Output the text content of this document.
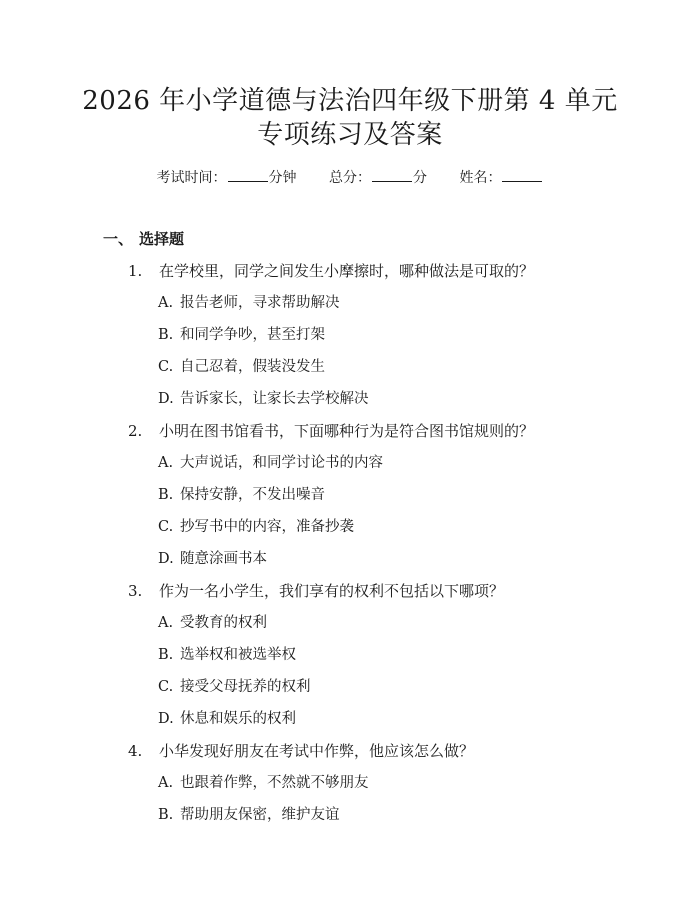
2026 年小学道德与法治四年级下册第 4 单元
专项练习及答案
考试时间：	分钟 总分：	分 姓名：
一、 选择题
1. 在学校里，同学之间发生小摩擦时，哪种做法是可取的？
A. 报告老师，寻求帮助解决
B. 和同学争吵，甚至打架
C. 自己忍着，假装没发生
D. 告诉家长，让家长去学校解决
2. 小明在图书馆看书，下面哪种行为是符合图书馆规则的？
A. 大声说话，和同学讨论书的内容
B. 保持安静，不发出噪音
C. 抄写书中的内容，准备抄袭
D. 随意涂画书本
3. 作为一名小学生，我们享有的权利不包括以下哪项？
A. 受教育的权利
B. 选举权和被选举权
C. 接受父母抚养的权利
D. 休息和娱乐的权利
4. 小华发现好朋友在考试中作弊，他应该怎么做？
A. 也跟着作弊，不然就不够朋友
B. 帮助朋友保密，维护友谊
